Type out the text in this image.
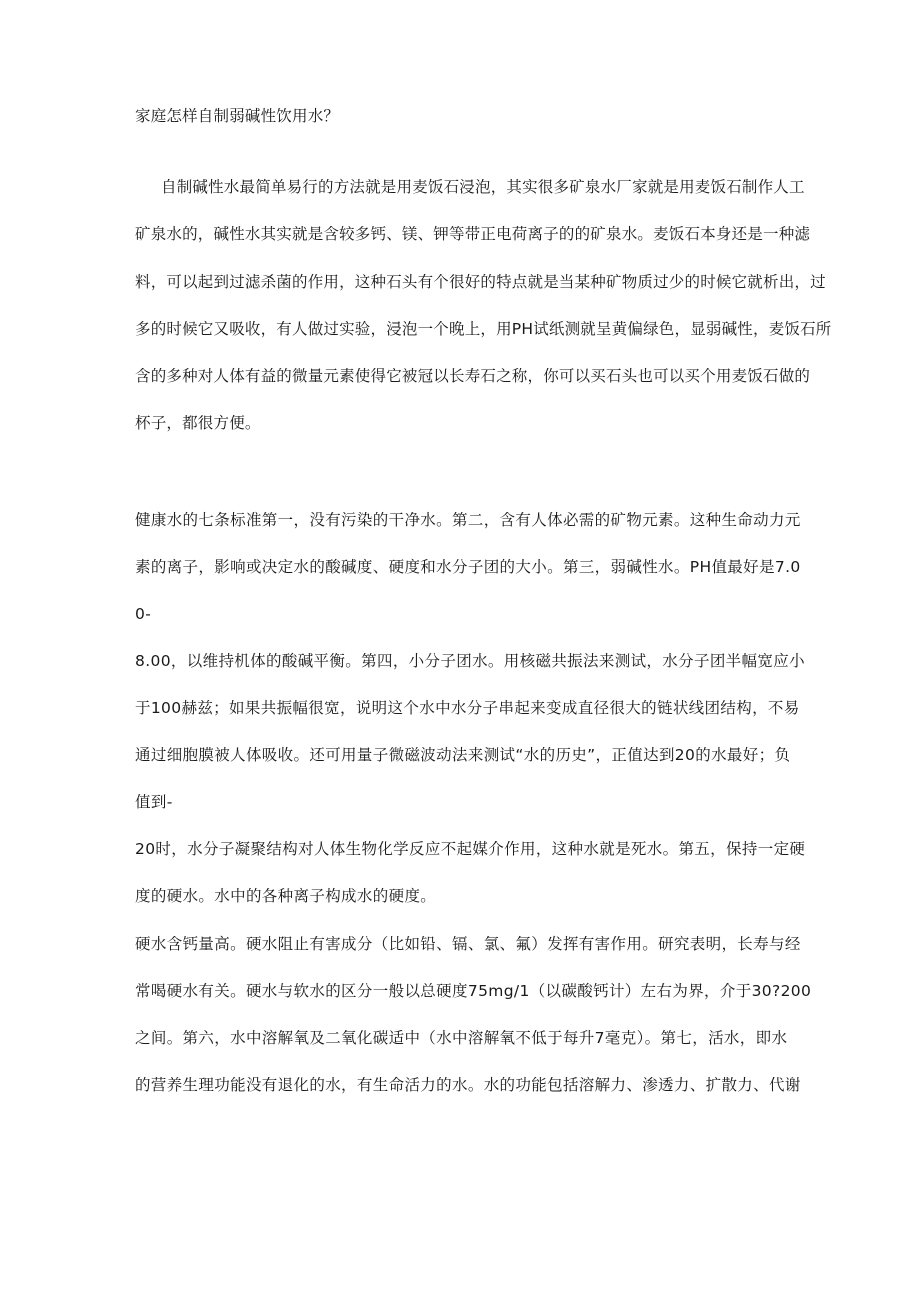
家庭怎样自制弱碱性饮用水？
自制碱性水最简单易行的方法就是用麦饭石浸泡，其实很多矿泉水厂家就是用麦饭石制作人工
矿泉水的，碱性水其实就是含较多钙、镁、钾等带正电荷离子的的矿泉水。麦饭石本身还是一种滤
料，可以起到过滤杀菌的作用，这种石头有个很好的特点就是当某种矿物质过少的时候它就析出，过
多的时候它又吸收，有人做过实验，浸泡一个晚上，用PH试纸测就呈黄偏绿色，显弱碱性，麦饭石所
含的多种对人体有益的微量元素使得它被冠以长寿石之称，你可以买石头也可以买个用麦饭石做的
杯子，都很方便。
健康水的七条标准第一，没有污染的干净水。第二，含有人体必需的矿物元素。这种生命动力元
素的离子，影响或决定水的酸碱度、硬度和水分子团的大小。第三，弱碱性水。PH值最好是7.0
0-
8.00，以维持机体的酸碱平衡。第四，小分子团水。用核磁共振法来测试，水分子团半幅宽应小
于100赫兹；如果共振幅很宽，说明这个水中水分子串起来变成直径很大的链状线团结构，不易
通过细胞膜被人体吸收。还可用量子微磁波动法来测试“水的历史”，正值达到20的水最好；负
值到-
20时，水分子凝聚结构对人体生物化学反应不起媒介作用，这种水就是死水。第五，保持一定硬
度的硬水。水中的各种离子构成水的硬度。
硬水含钙量高。硬水阻止有害成分（比如铅、镉、氯、氟）发挥有害作用。研究表明，长寿与经
常喝硬水有关。硬水与软水的区分一般以总硬度75mg/1（以碳酸钙计）左右为界，介于30?200
之间。第六，水中溶解氧及二氧化碳适中（水中溶解氧不低于每升7毫克）。第七，活水，即水
的营养生理功能没有退化的水，有生命活力的水。水的功能包括溶解力、渗透力、扩散力、代谢
